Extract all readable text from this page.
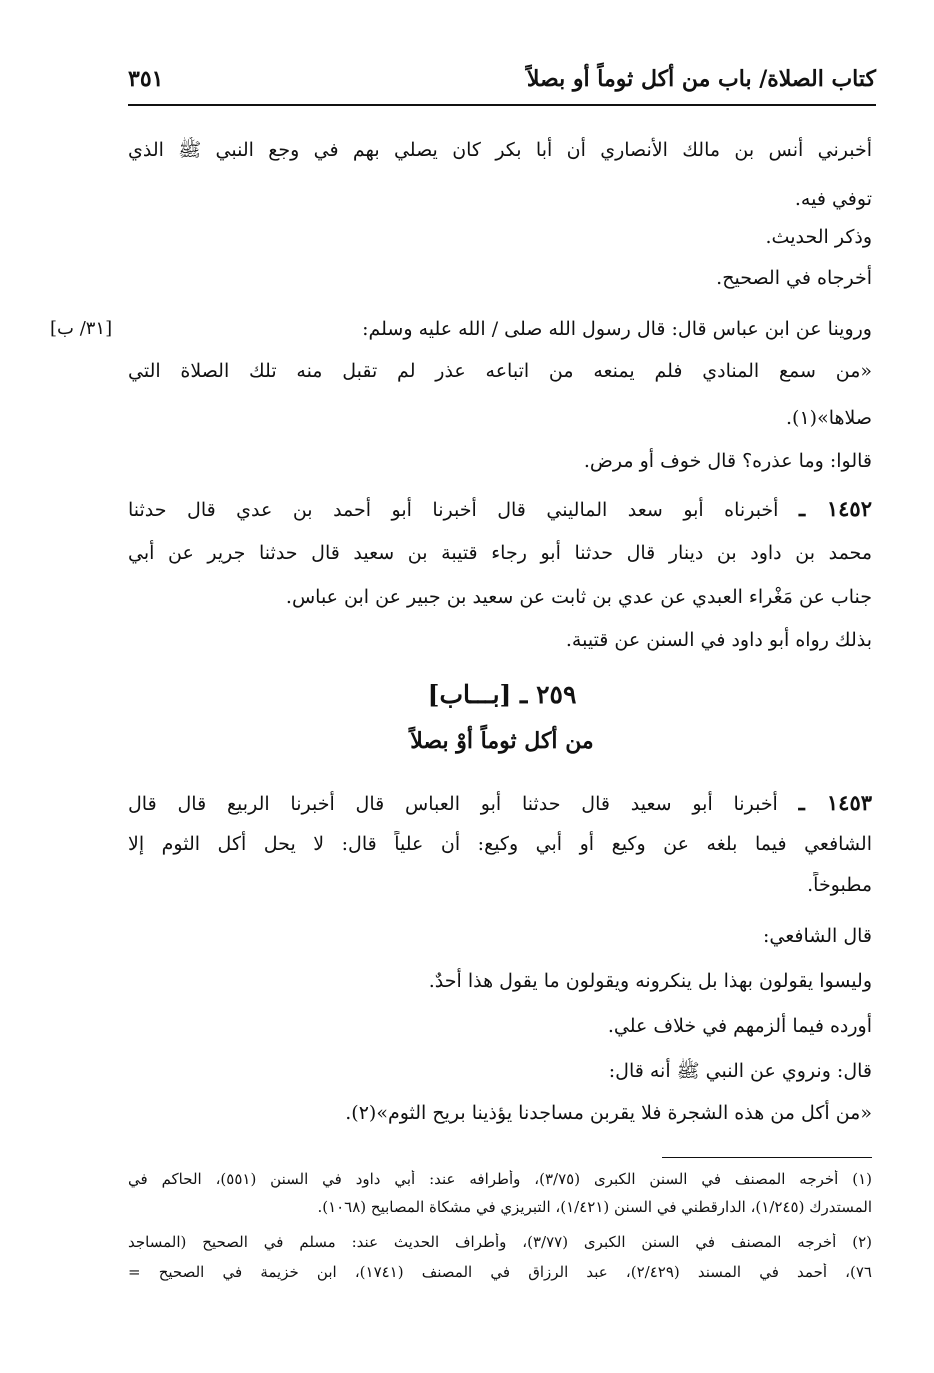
كتاب الصلاة/ باب من أكل ثوماً أو بصلاً
٣٥١
أخبرني أنس بن مالك الأنصاري أن أبا بكر كان يصلي بهم في وجع النبي ﷺ الذي
توفي فيه.
وذكر الحديث.
أخرجاه في الصحيح.
وروينا عن ابن عباس قال: قال رسول الله صلى / الله عليه وسلم:
[٣١/ ب]
«من سمع المنادي فلم يمنعه من اتباعه عذر لم تقبل منه تلك الصلاة التي
صلاها»(١).
قالوا: وما عذره؟ قال خوف أو مرض.
١٤٥٢ ـ أخبرناه أبو سعد الماليني قال أخبرنا أبو أحمد بن عدي قال حدثنا
محمد بن داود بن دينار قال حدثنا أبو رجاء قتيبة بن سعيد قال حدثنا جرير عن أبي
جناب عن مَغْراء العبدي عن عدي بن ثابت عن سعيد بن جبير عن ابن عباس.
بذلك رواه أبو داود في السنن عن قتيبة.
٢٥٩ ـ [بـــاب]
من أكل ثوماً أوْ بصلاً
١٤٥٣ ـ أخبرنا أبو سعيد قال حدثنا أبو العباس قال أخبرنا الربيع قال قال
الشافعي فيما بلغه عن وكيع أو أبي وكيع: أن علياً قال: لا يحل أكل الثوم إلا
مطبوخاً.
قال الشافعي:
وليسوا يقولون بهذا بل ينكرونه ويقولون ما يقول هذا أحدٌ.
أورده فيما ألزمهم في خلاف علي.
قال: ونروي عن النبي ﷺ أنه قال:
«من أكل من هذه الشجرة فلا يقربن مساجدنا يؤذينا بريح الثوم»(٢).
(١) أخرجه المصنف في السنن الكبرى (٣/٧٥)، وأطرافه عند: أبي داود في السنن (٥٥١)، الحاكم في
المستدرك (١/٢٤٥)، الدارقطني في السنن (١/٤٢١)، التبريزي في مشكاة المصابيح (١٠٦٨).
(٢) أخرجه المصنف في السنن الكبرى (٣/٧٧)، وأطراف الحديث عند: مسلم في الصحيح (المساجد
٧٦)، أحمد في المسند (٢/٤٢٩)، عبد الرزاق في المصنف (١٧٤١)، ابن خزيمة في الصحيح =
